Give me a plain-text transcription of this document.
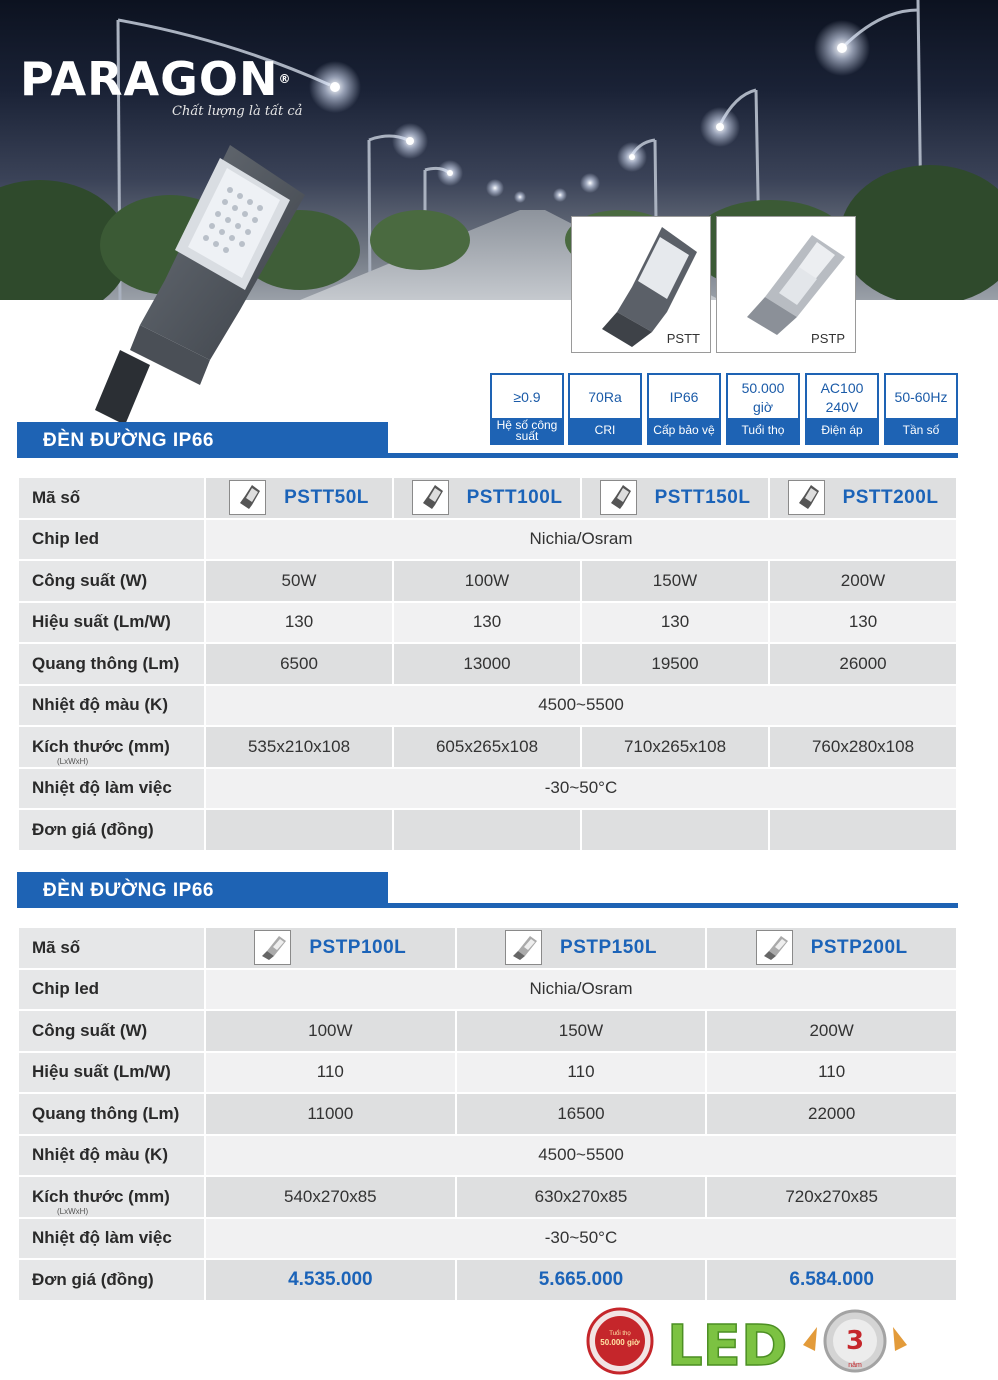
PARAGON®
Chất lượng là tất cả
PSTT	PSTP
≥0.9
Hệ số công suất
70Ra
CRI
IP66
Cấp bảo vệ
50.000
giờ
Tuổi thọ
AC100
240V
Điện áp
50-60Hz
Tần số
ĐÈN ĐƯỜNG IP66
Mã số	PSTT50L	PSTT100L	PSTT150L	PSTT200L

Chip led	Nichia/Osram			
Công suất (W)	50W	100W	150W	200W
Hiệu suất (Lm/W)	130	130	130	130
Quang thông (Lm)	6500	13000	19500	26000
Nhiệt độ màu (K)	4500~5500			
Kích thước (mm)
(LxWxH)	535x210x108	605x265x108	710x265x108	760x280x108
Nhiệt độ làm việc	-30~50°C			
Đơn giá (đồng)				
ĐÈN ĐƯỜNG IP66
Mã số	PSTP100L	PSTP150L	PSTP200L

Chip led	Nichia/Osram		
Công suất (W)	100W	150W	200W
Hiệu suất (Lm/W)	110	110	110
Quang thông (Lm)	11000	16500	22000
Nhiệt độ màu (K)	4500~5500		
Kích thước (mm)
(LxWxH)	540x270x85	630x270x85	720x270x85
Nhiệt độ làm việc	-30~50°C		
Đơn giá (đồng)	4.535.000	5.665.000	6.584.000
Tuổi thọ
50.000 giờ LED 3
năm
